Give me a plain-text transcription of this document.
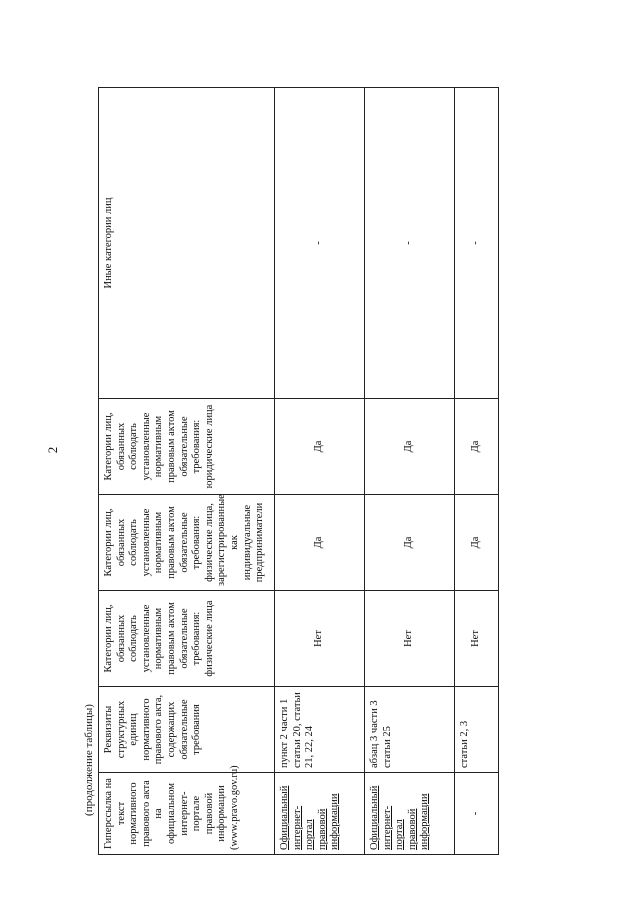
2
(продолжение таблицы) Гиперссылка на текст нормативного правового акта на официальном интернет-портале правовой информации (www.pravo.gov.ru)	Реквизиты структурных единиц нормативного правового акта, содержащих обязательные требования	Категории лиц, обязанных соблюдать установленные нормативным правовым актом обязательные требования: физические лица	Категории лиц, обязанных соблюдать установленные нормативным правовым актом обязательные требования: физические лица, зарегистрированные как индивидуальные предприниматели	Категории лиц, обязанных соблюдать установленные нормативным правовым актом обязательные требования: юридические лица	Иные категории лиц
Официальный интернет-портал правовой информации	пункт 2 части 1 статьи 20, статьи 21, 22, 24	Нет	Да	Да	-
Официальный интернет-портал правовой информации	абзац 3 части 3 статьи 25	Нет	Да	Да	-
-	статьи 2, 3	Нет	Да	Да	-
